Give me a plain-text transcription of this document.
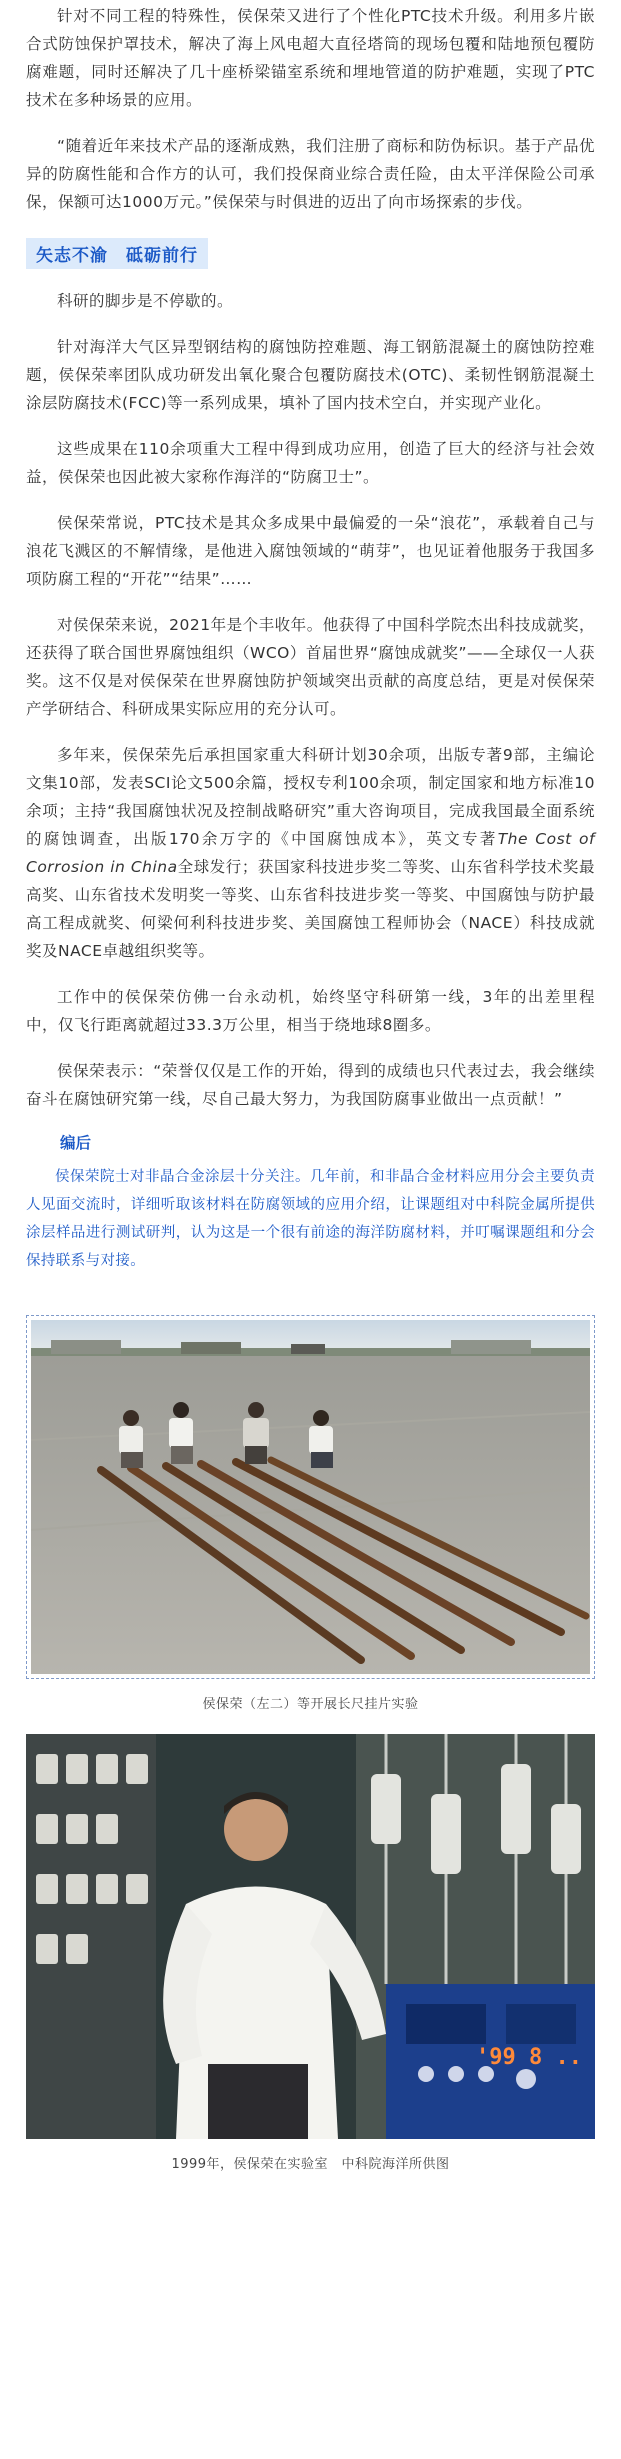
针对不同工程的特殊性，侯保荣又进行了个性化PTC技术升级。利用多片嵌合式防蚀保护罩技术，解决了海上风电超大直径塔筒的现场包覆和陆地预包覆防腐难题，同时还解决了几十座桥梁锚室系统和埋地管道的防护难题，实现了PTC技术在多种场景的应用。

“随着近年来技术产品的逐渐成熟，我们注册了商标和防伪标识。基于产品优异的防腐性能和合作方的认可，我们投保商业综合责任险，由太平洋保险公司承保，保额可达1000万元。”侯保荣与时俱进的迈出了向市场探索的步伐。

矢志不渝　砥砺前行

科研的脚步是不停歇的。

针对海洋大气区异型钢结构的腐蚀防控难题、海工钢筋混凝土的腐蚀防控难题，侯保荣率团队成功研发出氧化聚合包覆防腐技术(OTC)、柔韧性钢筋混凝土涂层防腐技术(FCC)等一系列成果，填补了国内技术空白，并实现产业化。

这些成果在110余项重大工程中得到成功应用，创造了巨大的经济与社会效益，侯保荣也因此被大家称作海洋的“防腐卫士”。

侯保荣常说，PTC技术是其众多成果中最偏爱的一朵“浪花”，承载着自己与浪花飞溅区的不解情缘，是他进入腐蚀领域的“萌芽”，也见证着他服务于我国多项防腐工程的“开花”“结果”……

对侯保荣来说，2021年是个丰收年。他获得了中国科学院杰出科技成就奖，还获得了联合国世界腐蚀组织（WCO）首届世界“腐蚀成就奖”——全球仅一人获奖。这不仅是对侯保荣在世界腐蚀防护领域突出贡献的高度总结，更是对侯保荣产学研结合、科研成果实际应用的充分认可。

多年来，侯保荣先后承担国家重大科研计划30余项，出版专著9部，主编论文集10部，发表SCI论文500余篇，授权专利100余项，制定国家和地方标准10余项；主持“我国腐蚀状况及控制战略研究”重大咨询项目，完成我国最全面系统的腐蚀调查，出版170余万字的《中国腐蚀成本》，英文专著The Cost of Corrosion in China全球发行；获国家科技进步奖二等奖、山东省科学技术奖最高奖、山东省技术发明奖一等奖、山东省科技进步奖一等奖、中国腐蚀与防护最高工程成就奖、何梁何利科技进步奖、美国腐蚀工程师协会（NACE）科技成就奖及NACE卓越组织奖等。

工作中的侯保荣仿佛一台永动机，始终坚守科研第一线，3年的出差里程中，仅飞行距离就超过33.3万公里，相当于绕地球8圈多。

侯保荣表示：“荣誉仅仅是工作的开始，得到的成绩也只代表过去，我会继续奋斗在腐蚀研究第一线，尽自己最大努力，为我国防腐事业做出一点贡献！”

编后

侯保荣院士对非晶合金涂层十分关注。几年前，和非晶合金材料应用分会主要负责人见面交流时，详细听取该材料在防腐领域的应用介绍，让课题组对中科院金属所提供涂层样品进行测试研判，认为这是一个很有前途的海洋防腐材料，并叮嘱课题组和分会保持联系与对接。

侯保荣（左二）等开展长尺挂片实验
'99 8 ..
1999年，侯保荣在实验室　中科院海洋所供图
